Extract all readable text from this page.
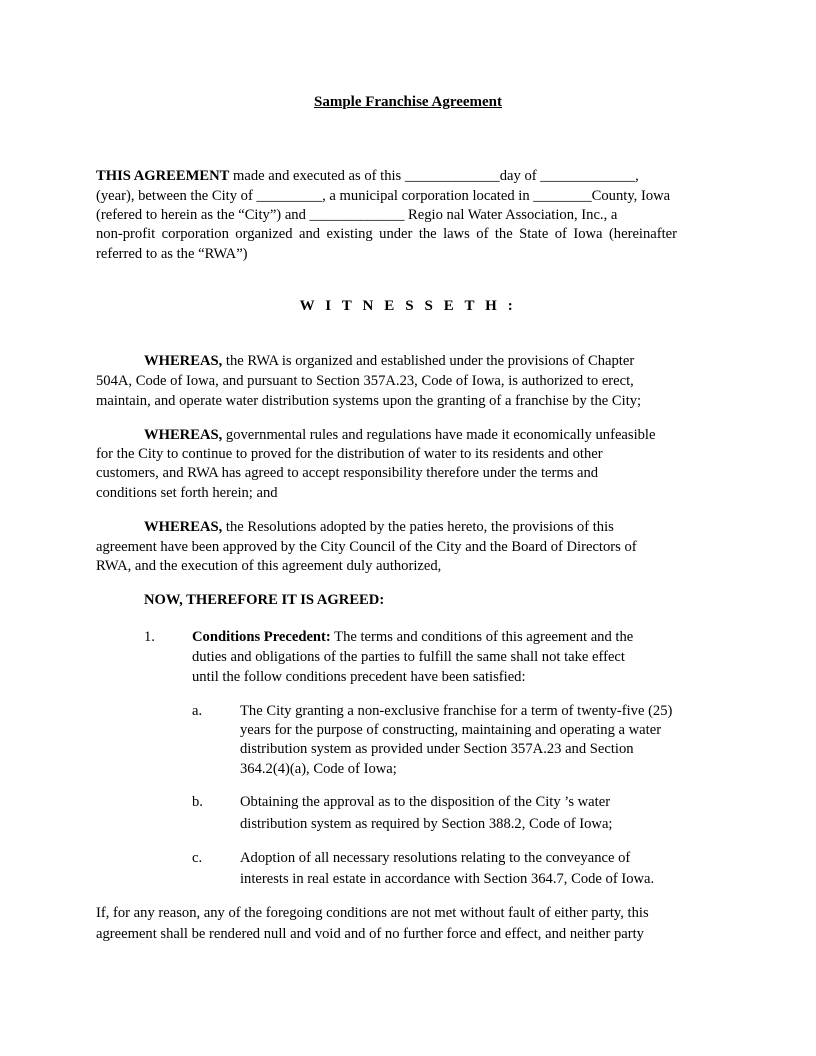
Sample Franchise Agreement
THIS AGREEMENT made and executed as of this _____________day of _____________,
(year), between the City of _________, a municipal corporation located in ________County, Iowa
(refered to herein as the “City”) and _____________ Regio nal Water Association, Inc., a
non-profit corporation organized and existing under the laws of the State of Iowa (hereinafter
referred to as the “RWA”)
W I T N E S S E T H :
WHEREAS, the RWA is organized and established under the provisions of Chapter
504A, Code of Iowa, and pursuant to Section 357A.23, Code of Iowa, is authorized to erect,
maintain, and operate water distribution systems upon the granting of a franchise by the City;
WHEREAS, governmental rules and regulations have made it economically unfeasible
for the City to continue to proved for the distribution of water to its residents and other
customers, and RWA has agreed to accept responsibility therefore under the terms and
conditions set forth herein; and
WHEREAS, the Resolutions adopted by the paties hereto, the provisions of this
agreement have been approved by the City Council of the City and the Board of Directors of
RWA, and the execution of this agreement duly authorized,
NOW, THEREFORE IT IS AGREED:
1.	Conditions Precedent: The terms and conditions of this agreement and the
duties and obligations of the parties to fulfill the same shall not take effect
until the follow conditions precedent have been satisfied:
a.	The City granting a non-exclusive franchise for a term of twenty-five (25)
years for the purpose of constructing, maintaining and operating a water
distribution system as provided under Section 357A.23 and Section
364.2(4)(a), Code of Iowa;
b.	Obtaining the approval as to the disposition of the City ’s water
distribution system as required by Section 388.2, Code of Iowa;
c.	Adoption of all necessary resolutions relating to the conveyance of
interests in real estate in accordance with Section 364.7, Code of Iowa.
If, for any reason, any of the foregoing conditions are not met without fault of either party, this
agreement shall be rendered null and void and of no further force and effect, and neither party
